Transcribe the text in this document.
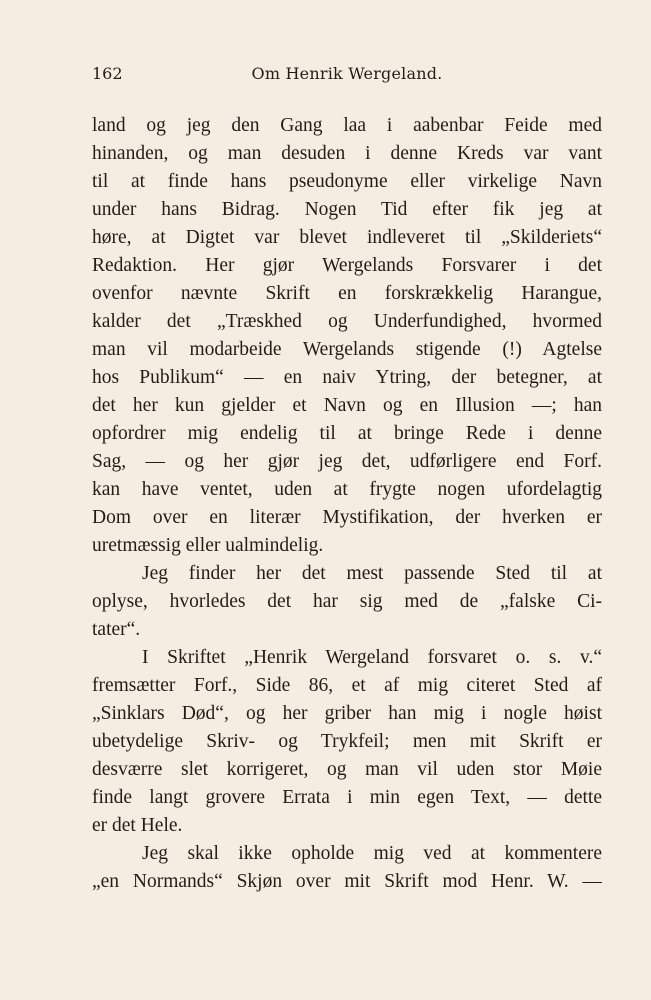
162	Om Henrik Wergeland.
land og jeg den Gang laa i aabenbar Feide med
hinanden, og man desuden i denne Kreds var vant
til at finde hans pseudonyme eller virkelige Navn
under hans Bidrag. Nogen Tid efter fik jeg at
høre, at Digtet var blevet indleveret til „Skilderiets“
Redaktion. Her gjør Wergelands Forsvarer i det
ovenfor nævnte Skrift en forskrækkelig Harangue,
kalder det „Træskhed og Underfundighed, hvormed
man vil modarbeide Wergelands stigende (!) Agtelse
hos Publikum“ — en naiv Ytring, der betegner, at
det her kun gjelder et Navn og en Illusion —; han
opfordrer mig endelig til at bringe Rede i denne
Sag, — og her gjør jeg det, udførligere end Forf.
kan have ventet, uden at frygte nogen ufordelagtig
Dom over en literær Mystifikation, der hverken er
uretmæssig eller ualmindelig.
Jeg finder her det mest passende Sted til at
oplyse, hvorledes det har sig med de „falske Ci-
tater“.
I Skriftet „Henrik Wergeland forsvaret o. s. v.“
fremsætter Forf., Side 86, et af mig citeret Sted af
„Sinklars Død“, og her griber han mig i nogle høist
ubetydelige Skriv- og Trykfeil; men mit Skrift er
desværre slet korrigeret, og man vil uden stor Møie
finde langt grovere Errata i min egen Text, — dette
er det Hele.
Jeg skal ikke opholde mig ved at kommentere
„en Normands“ Skjøn over mit Skrift mod Henr. W. —
